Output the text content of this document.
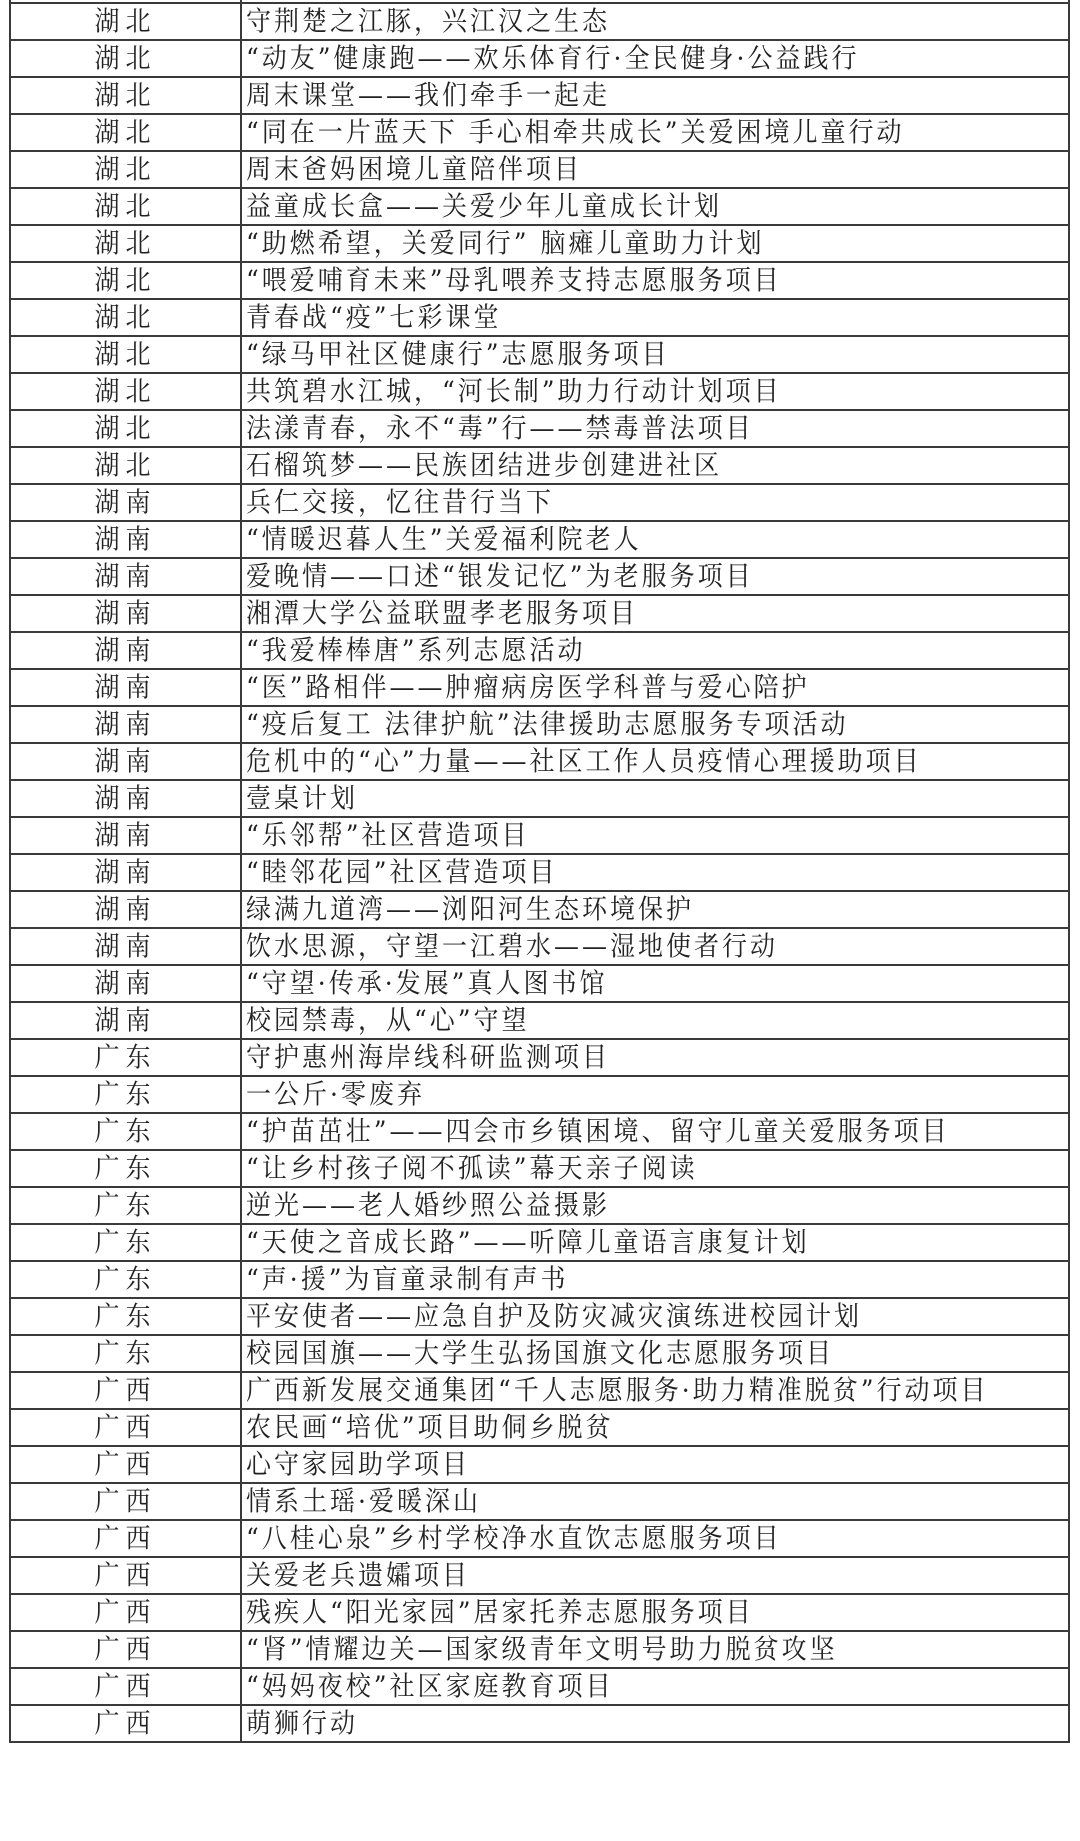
湖北	守荆楚之江豚，兴江汉之生态
湖北	“动友”健康跑——欢乐体育行·全民健身·公益践行
湖北	周末课堂——我们牵手一起走
湖北	“同在一片蓝天下 手心相牵共成长”关爱困境儿童行动
湖北	周末爸妈困境儿童陪伴项目
湖北	益童成长盒——关爱少年儿童成长计划
湖北	“助燃希望，关爱同行” 脑瘫儿童助力计划
湖北	“喂爱哺育未来”母乳喂养支持志愿服务项目
湖北	青春战“疫”七彩课堂
湖北	“绿马甲社区健康行”志愿服务项目
湖北	共筑碧水江城，“河长制”助力行动计划项目
湖北	法漾青春，永不“毒”行——禁毒普法项目
湖北	石榴筑梦——民族团结进步创建进社区
湖南	兵仁交接，忆往昔行当下
湖南	“情暖迟暮人生”关爱福利院老人
湖南	爱晚情——口述“银发记忆”为老服务项目
湖南	湘潭大学公益联盟孝老服务项目
湖南	“我爱棒棒唐”系列志愿活动
湖南	“医”路相伴——肿瘤病房医学科普与爱心陪护
湖南	“疫后复工 法律护航”法律援助志愿服务专项活动
湖南	危机中的“心”力量——社区工作人员疫情心理援助项目
湖南	壹桌计划
湖南	“乐邻帮”社区营造项目
湖南	“睦邻花园”社区营造项目
湖南	绿满九道湾——浏阳河生态环境保护
湖南	饮水思源，守望一江碧水——湿地使者行动
湖南	“守望·传承·发展”真人图书馆
湖南	校园禁毒，从“心”守望
广东	守护惠州海岸线科研监测项目
广东	一公斤·零废弃
广东	“护苗茁壮”——四会市乡镇困境、留守儿童关爱服务项目
广东	“让乡村孩子阅不孤读”幕天亲子阅读
广东	逆光——老人婚纱照公益摄影
广东	“天使之音成长路”——听障儿童语言康复计划
广东	“声·援”为盲童录制有声书
广东	平安使者——应急自护及防灾减灾演练进校园计划
广东	校园国旗——大学生弘扬国旗文化志愿服务项目
广西	广西新发展交通集团“千人志愿服务·助力精准脱贫”行动项目
广西	农民画“培优”项目助侗乡脱贫
广西	心守家园助学项目
广西	情系土瑶·爱暖深山
广西	“八桂心泉”乡村学校净水直饮志愿服务项目
广西	关爱老兵遗孀项目
广西	残疾人“阳光家园”居家托养志愿服务项目
广西	“肾”情耀边关—国家级青年文明号助力脱贫攻坚
广西	“妈妈夜校”社区家庭教育项目
广西	萌狮行动
